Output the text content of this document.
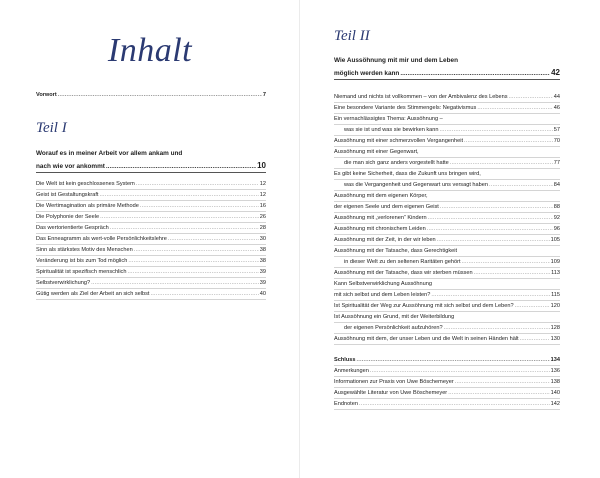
Inhalt
Vorwort .....	7
Teil I
Worauf es in meiner Arbeit vor allem ankam und
nach wie vor ankommt .....	10
Die Welt ist kein geschlossenes System .....	12
Geist ist Gestaltungskraft .....	12
Die Wertimagination als primäre Methode .....	16
Die Polyphonie der Seele .....	26
Das wertorientierte Gespräch .....	28
Das Enneagramm als wert-volle Persönlichkeitslehre .....	30
Sinn als stärkstes Motiv des Menschen .....	38
Veränderung ist bis zum Tod möglich .....	38
Spiritualität ist spezifisch menschlich .....	39
Selbstverwirklichung? .....	39
Gütig werden als Ziel der Arbeit an sich selbst .....	40
Teil II
Wie Aussöhnung mit mir und dem Leben
möglich werden kann .....	42
Niemand und nichts ist vollkommen – von der Ambivalenz des Lebens .....	44
Eine besondere Variante des Stimmengels: Negativismus .....	46
Ein vernachlässigtes Thema: Aussöhnung –
was sie ist und was sie bewirken kann .....	57
Aussöhnung mit einer schmerzvollen Vergangenheit .....	70
Aussöhnung mit einer Gegenwart,
die man sich ganz anders vorgestellt hatte .....	77
Es gibt keine Sicherheit, dass die Zukunft uns bringen wird,
was die Vergangenheit und Gegenwart uns versagt haben .....	84
Aussöhnung mit dem eigenen Körper,
der eigenen Seele und dem eigenen Geist .....	88
Aussöhnung mit „verlorenen“ Kindern .....	92
Aussöhnung mit chronischem Leiden .....	96
Aussöhnung mit der Zeit, in der wir leben .....	105
Aussöhnung mit der Tatsache, dass Gerechtigkeit
in dieser Welt zu den seltenen Raritäten gehört .....	109
Aussöhnung mit der Tatsache, dass wir sterben müssen .....	113
Kann Selbstverwirklichung Aussöhnung
mit sich selbst und dem Leben leisten? .....	115
Ist Spiritualität der Weg zur Aussöhnung mit sich selbst und dem Leben? .....	120
Ist Aussöhnung ein Grund, mit der Weiterbildung
der eigenen Persönlichkeit aufzuhören? .....	128
Aussöhnung mit dem, der unser Leben und die Welt in seinen Händen hält .....	130
Schluss .....	134
Anmerkungen .....	136
Informationen zur Praxis von Uwe Böschemeyer .....	138
Ausgewählte Literatur von Uwe Böschemeyer .....	140
Endnoten .....	142
